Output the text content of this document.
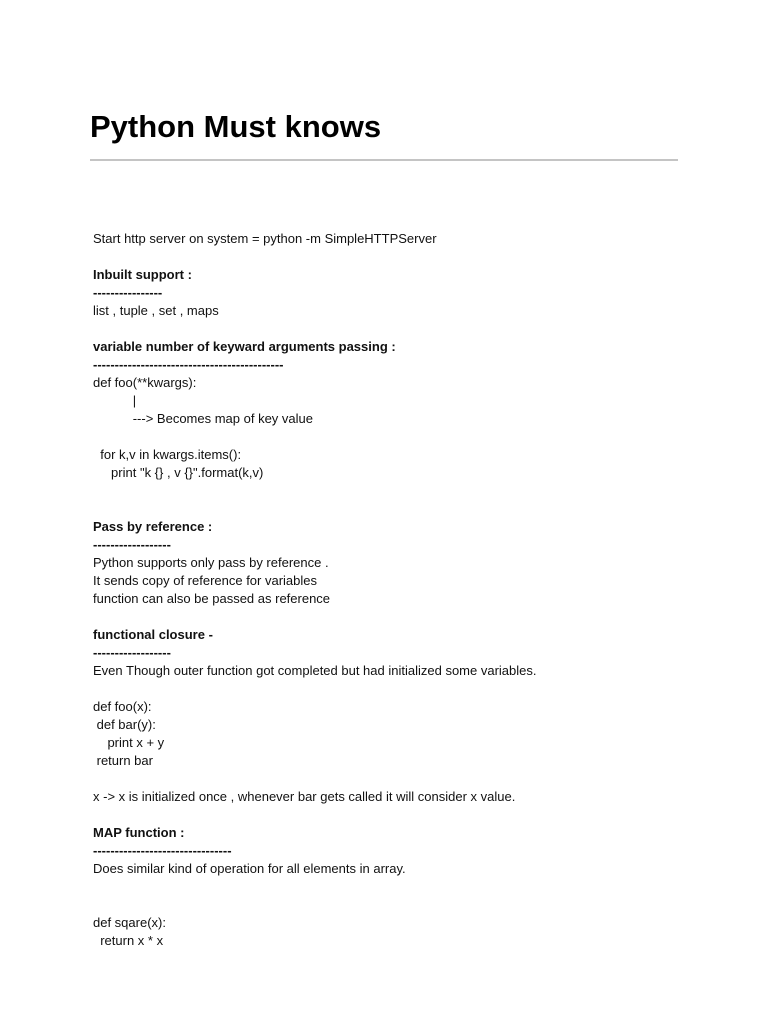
Python Must knows
Start http server on system = python -m SimpleHTTPServer
Inbuilt support :
----------------
list , tuple , set , maps
variable number of keyward arguments passing :
--------------------------------------------
def foo(**kwargs):
|
---> Becomes map of key value
for k,v in kwargs.items():
print "k {} , v {}".format(k,v)
Pass by reference :
------------------
Python supports only pass by reference .
It sends copy of reference for variables
function can also be passed as reference
functional closure -
------------------
Even Though outer function got completed but had initialized some variables.
def foo(x):
def bar(y):
print x + y
return bar
x -> x is initialized once , whenever bar gets called it will consider x value.
MAP function :
--------------------------------
Does similar kind of operation for all elements in array.
def sqare(x):
return x * x
